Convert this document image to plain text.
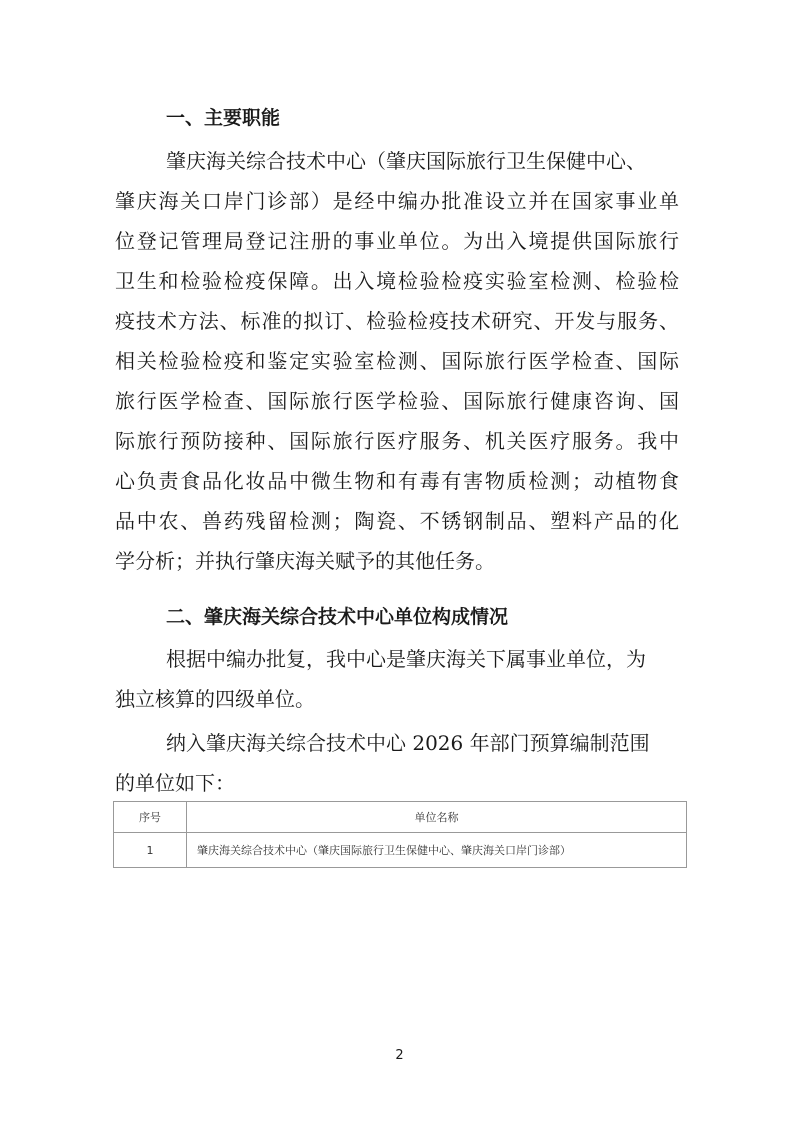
一、主要职能
肇庆海关综合技术中心（肇庆国际旅行卫生保健中心、
肇庆海关口岸门诊部）是经中编办批准设立并在国家事业单
位登记管理局登记注册的事业单位。为出入境提供国际旅行
卫生和检验检疫保障。出入境检验检疫实验室检测、检验检
疫技术方法、标准的拟订、检验检疫技术研究、开发与服务、
相关检验检疫和鉴定实验室检测、国际旅行医学检查、国际
旅行医学检查、国际旅行医学检验、国际旅行健康咨询、国
际旅行预防接种、国际旅行医疗服务、机关医疗服务。我中
心负责食品化妆品中微生物和有毒有害物质检测；动植物食
品中农、兽药残留检测；陶瓷、不锈钢制品、塑料产品的化
学分析；并执行肇庆海关赋予的其他任务。
二、肇庆海关综合技术中心单位构成情况
根据中编办批复，我中心是肇庆海关下属事业单位，为
独立核算的四级单位。
纳入肇庆海关综合技术中心 2026 年部门预算编制范围
的单位如下：
序号	单位名称
1	肇庆海关综合技术中心（肇庆国际旅行卫生保健中心、肇庆海关口岸门诊部）
2
